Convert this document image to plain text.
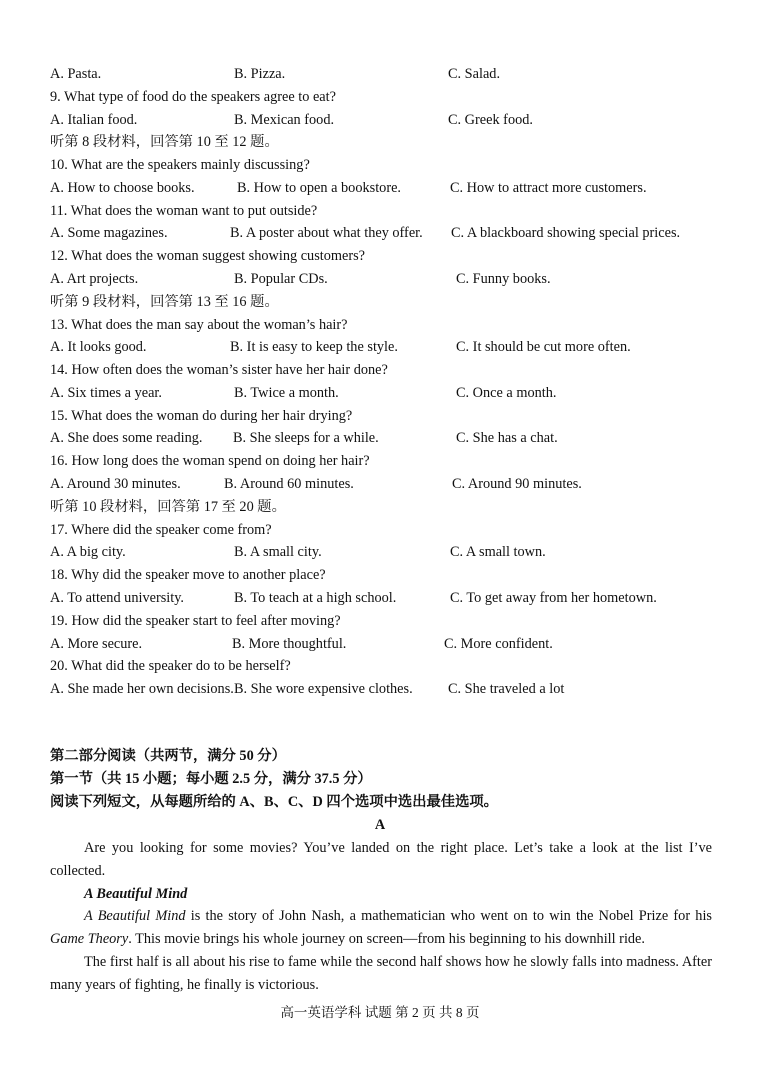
A. Pasta.	B. Pizza.	C. Salad.
9. What type of food do the speakers agree to eat?
A. Italian food.	B. Mexican food.	C. Greek food.
听第 8 段材料，回答第 10 至 12 题。
10. What are the speakers mainly discussing?
A. How to choose books.	B. How to open a bookstore.	C. How to attract more customers.
11. What does the woman want to put outside?
A. Some magazines.	B. A poster about what they offer. C. A blackboard showing special prices.
12. What does the woman suggest showing customers?
A. Art projects.	B. Popular CDs.	C. Funny books.
听第 9 段材料，回答第 13 至 16 题。
13. What does the man say about the woman’s hair?
A. It looks good.	B. It is easy to keep the style.	C. It should be cut more often.
14. How often does the woman’s sister have her hair done?
A. Six times a year.	B. Twice a month.	C. Once a month.
15. What does the woman do during her hair drying?
A. She does some reading. B. She sleeps for a while.	C. She has a chat.
16. How long does the woman spend on doing her hair?
A. Around 30 minutes.	B. Around 60 minutes.	C. Around 90 minutes.
听第 10 段材料，回答第 17 至 20 题。
17. Where did the speaker come from?
A. A big city.	B. A small city.	C. A small town.
18. Why did the speaker move to another place?
A. To attend university.	B. To teach at a high school.	C. To get away from her hometown.
19. How did the speaker start to feel after moving?
A. More secure.	B. More thoughtful.	C. More confident.
20. What did the speaker do to be herself?
A. She made her own decisions. B. She wore expensive clothes. C. She traveled a lot
第二部分阅读（共两节，满分 50 分）
第一节（共 15 小题；每小题 2.5 分，满分 37.5 分）
阅读下列短文，从每题所给的 A、B、C、D 四个选项中选出最佳选项。
A
Are you looking for some movies? You’ve landed on the right place. Let’s take a look at the list I’ve collected.
A Beautiful Mind
A Beautiful Mind is the story of John Nash, a mathematician who went on to win the Nobel Prize for his Game Theory. This movie brings his whole journey on screen—from his beginning to his downhill ride.
The first half is all about his rise to fame while the second half shows how he slowly falls into madness. After many years of fighting, he finally is victorious.
高一英语学科 试题 第 2 页 共 8 页
